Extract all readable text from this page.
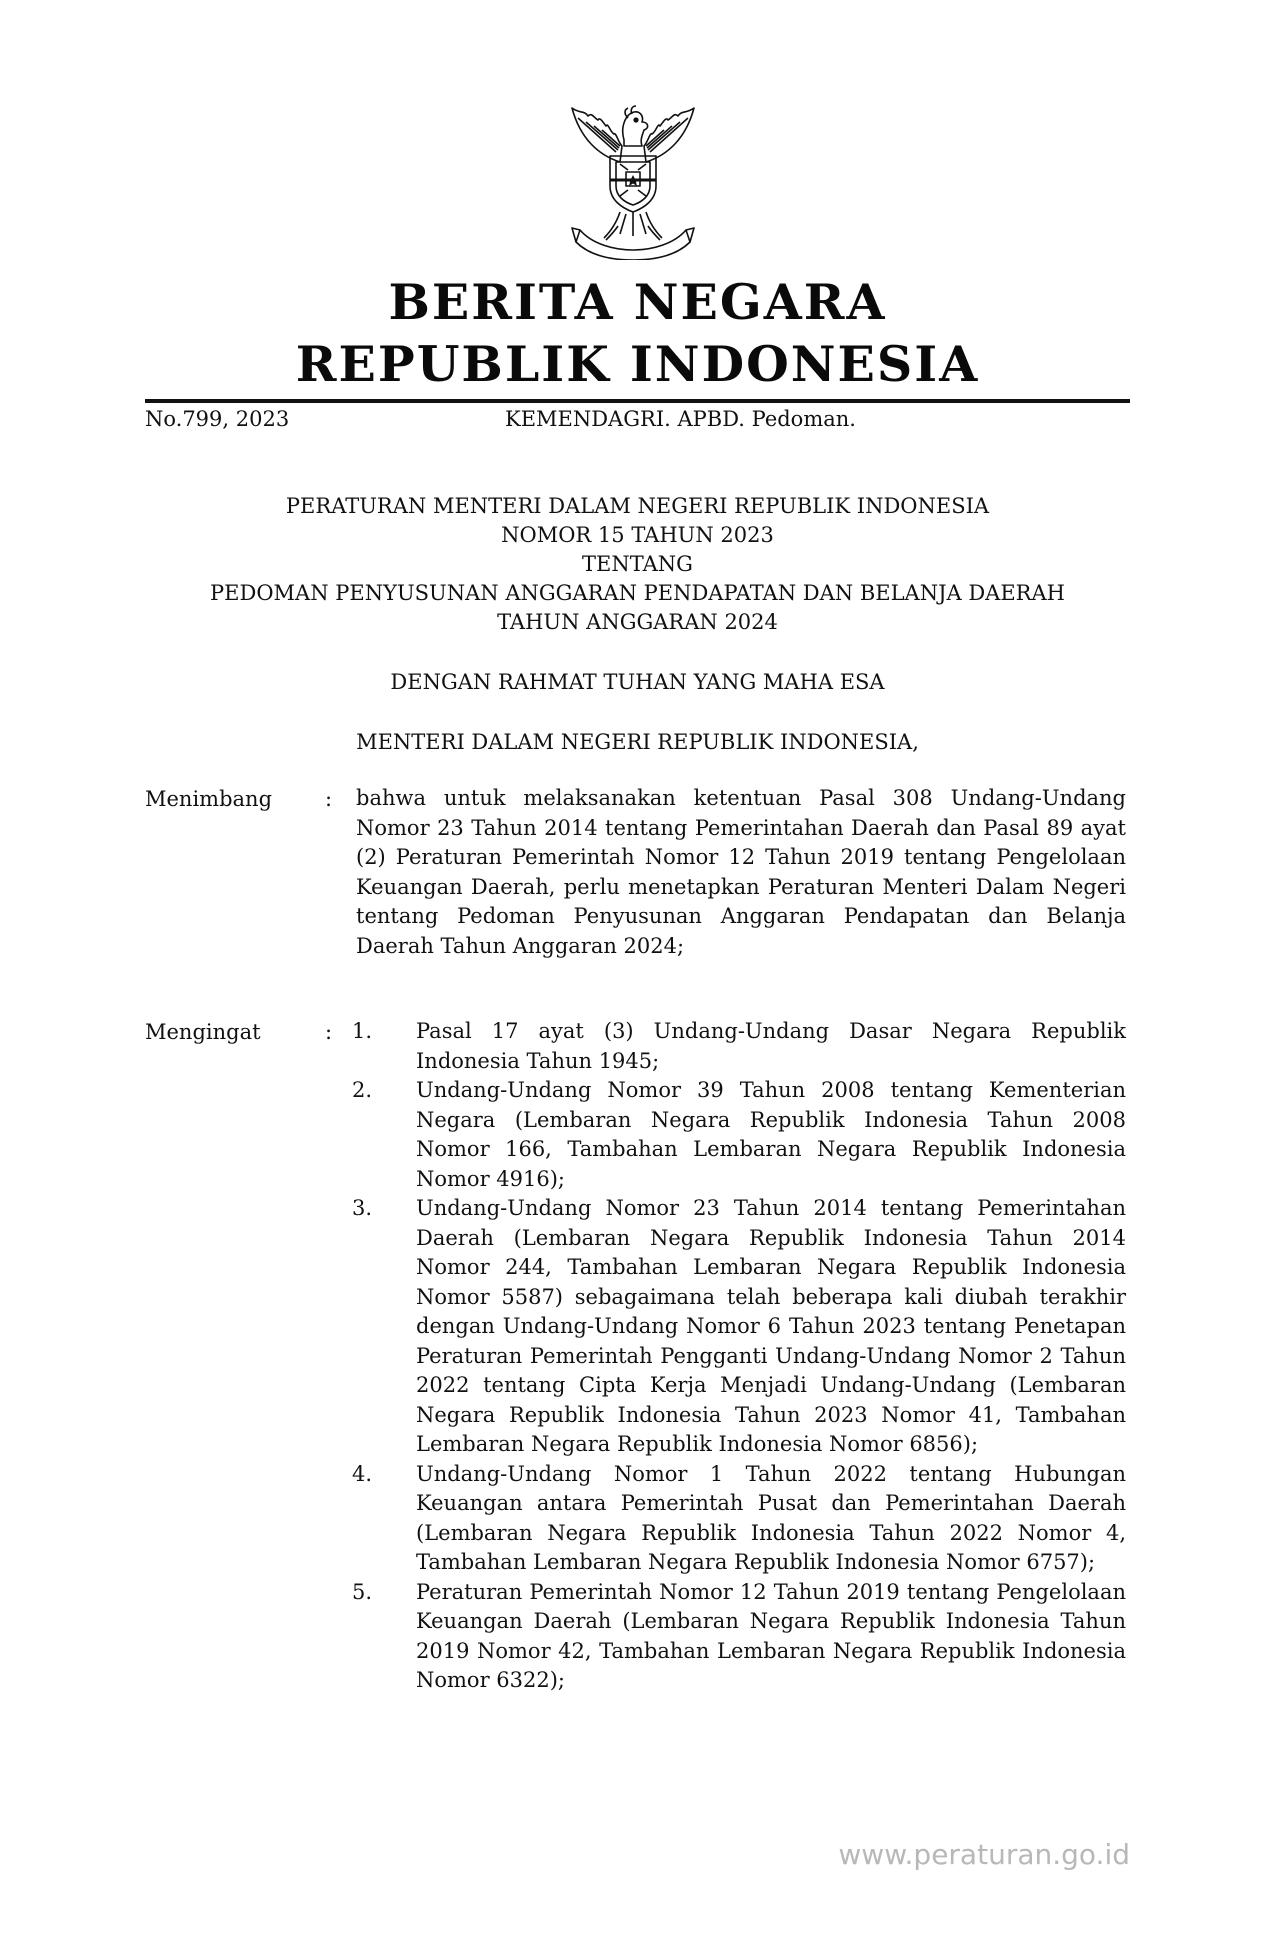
BERITA NEGARA
REPUBLIK INDONESIA
No.799, 2023	KEMENDAGRI. APBD. Pedoman.
PERATURAN MENTERI DALAM NEGERI REPUBLIK INDONESIA
NOMOR 15 TAHUN 2023
TENTANG
PEDOMAN PENYUSUNAN ANGGARAN PENDAPATAN DAN BELANJA DAERAH
TAHUN ANGGARAN 2024
DENGAN RAHMAT TUHAN YANG MAHA ESA
MENTERI DALAM NEGERI REPUBLIK INDONESIA,
Menimbang	: bahwa untuk melaksanakan ketentuan Pasal 308 Undang-Undang Nomor 23 Tahun 2014 tentang Pemerintahan Daerah dan Pasal 89 ayat (2) Peraturan Pemerintah Nomor 12 Tahun 2019 tentang Pengelolaan Keuangan Daerah, perlu menetapkan Peraturan Menteri Dalam Negeri tentang Pedoman Penyusunan Anggaran Pendapatan dan Belanja Daerah Tahun Anggaran 2024;
Mengingat	: 1. Pasal 17 ayat (3) Undang-Undang Dasar Negara Republik Indonesia Tahun 1945;
2. Undang-Undang Nomor 39 Tahun 2008 tentang Kementerian Negara (Lembaran Negara Republik Indonesia Tahun 2008 Nomor 166, Tambahan Lembaran Negara Republik Indonesia Nomor 4916);
3. Undang-Undang Nomor 23 Tahun 2014 tentang Pemerintahan Daerah (Lembaran Negara Republik Indonesia Tahun 2014 Nomor 244, Tambahan Lembaran Negara Republik Indonesia Nomor 5587) sebagaimana telah beberapa kali diubah terakhir dengan Undang-Undang Nomor 6 Tahun 2023 tentang Penetapan Peraturan Pemerintah Pengganti Undang-Undang Nomor 2 Tahun 2022 tentang Cipta Kerja Menjadi Undang-Undang (Lembaran Negara Republik Indonesia Tahun 2023 Nomor 41, Tambahan Lembaran Negara Republik Indonesia Nomor 6856);
4. Undang-Undang Nomor 1 Tahun 2022 tentang Hubungan Keuangan antara Pemerintah Pusat dan Pemerintahan Daerah (Lembaran Negara Republik Indonesia Tahun 2022 Nomor 4, Tambahan Lembaran Negara Republik Indonesia Nomor 6757);
5. Peraturan Pemerintah Nomor 12 Tahun 2019 tentang Pengelolaan Keuangan Daerah (Lembaran Negara Republik Indonesia Tahun 2019 Nomor 42, Tambahan Lembaran Negara Republik Indonesia Nomor 6322);
www.peraturan.go.id
